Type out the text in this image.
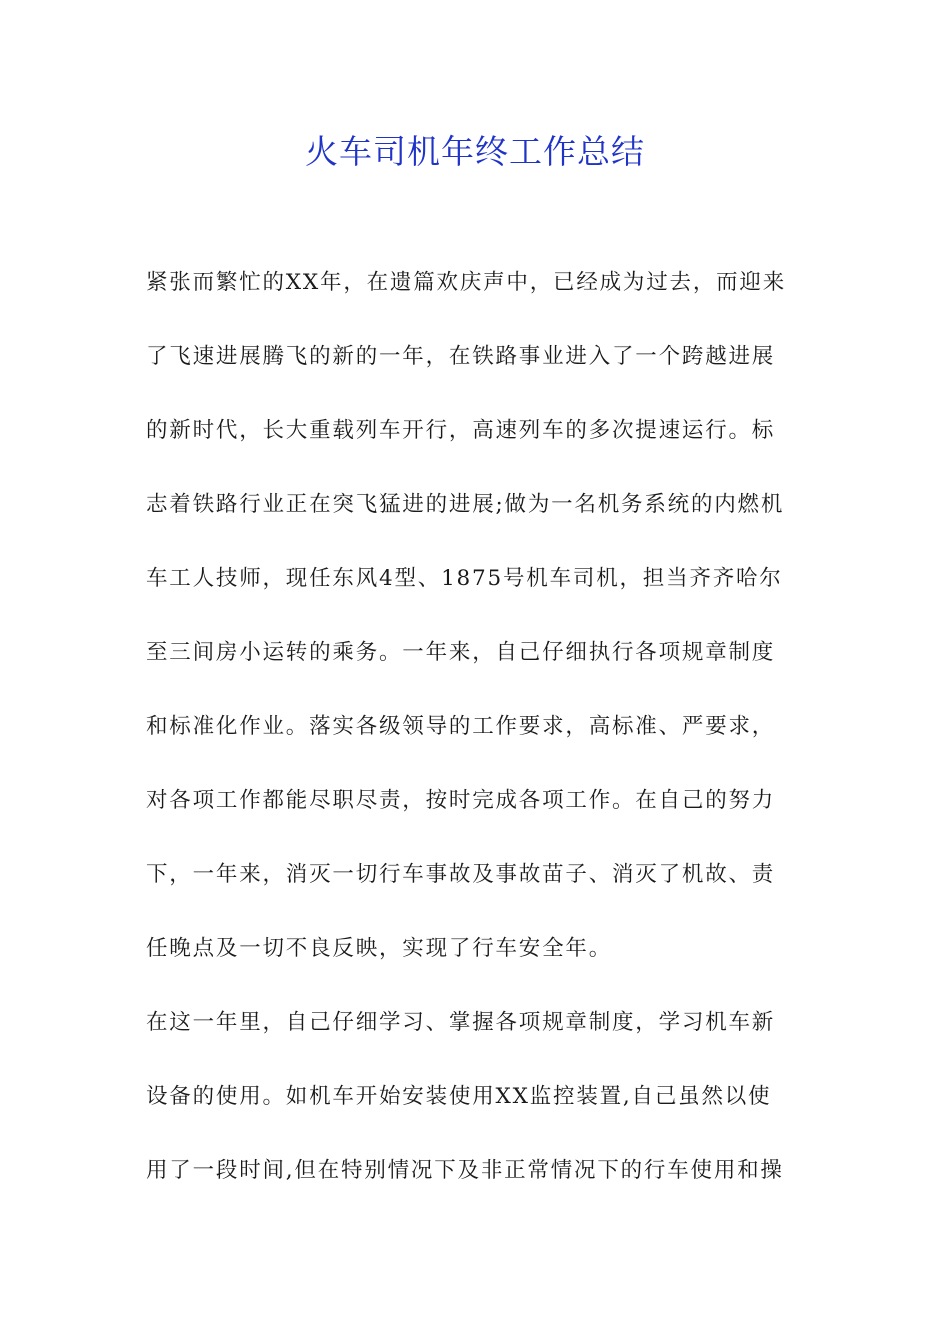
火车司机年终工作总结

紧张而繁忙的XX年，在遗篇欢庆声中，已经成为过去，而迎来

了飞速进展腾飞的新的一年，在铁路事业进入了一个跨越进展

的新时代，长大重载列车开行，高速列车的多次提速运行。标

志着铁路行业正在突飞猛进的进展;做为一名机务系统的内燃机

车工人技师，现任东风4型、1875号机车司机，担当齐齐哈尔

至三间房小运转的乘务。一年来，自己仔细执行各项规章制度

和标准化作业。落实各级领导的工作要求，高标准、严要求，

对各项工作都能尽职尽责，按时完成各项工作。在自己的努力

下，一年来，消灭一切行车事故及事故苗子、消灭了机故、责

任晚点及一切不良反映，实现了行车安全年。

在这一年里，自己仔细学习、掌握各项规章制度，学习机车新

设备的使用。如机车开始安装使用XX监控装置,自己虽然以使

用了一段时间,但在特别情况下及非正常情况下的行车使用和操
